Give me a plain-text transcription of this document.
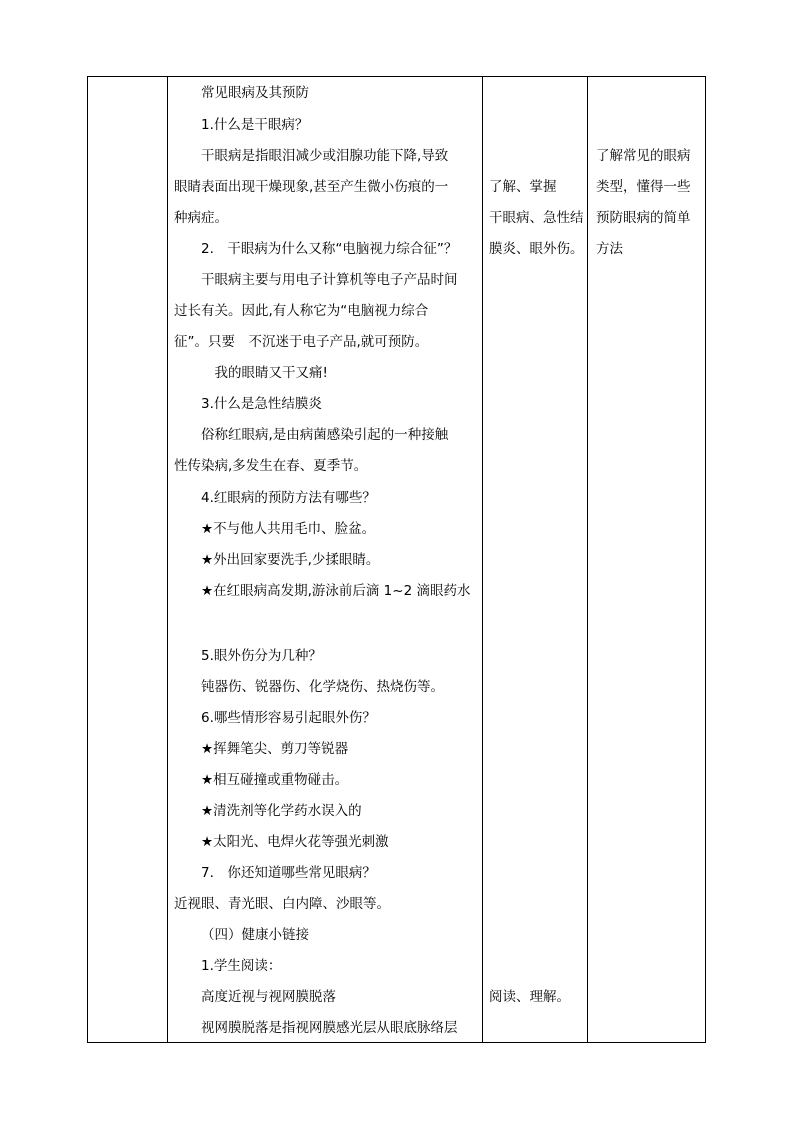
常见眼病及其预防
1.什么是干眼病？
干眼病是指眼泪减少或泪腺功能下降,导致
眼睛表面出现干燥现象,甚至产生微小伤痕的一
种病症。
2.　干眼病为什么又称“电脑视力综合征”？
干眼病主要与用电子计算机等电子产品时间
过长有关。因此,有人称它为“电脑视力综合
征”。只要　不沉迷于电子产品,就可预防。
　我的眼睛又干又痛!
3.什么是急性结膜炎
俗称红眼病,是由病菌感染引起的一种接触
性传染病,多发生在春、夏季节。
4.红眼病的预防方法有哪些？
★不与他人共用毛巾、脸盆。
★外出回家要洗手,少揉眼睛。
★在红眼病高发期,游泳前后滴 1~2 滴眼药水
5.眼外伤分为几种？
钝器伤、锐器伤、化学烧伤、热烧伤等。
6.哪些情形容易引起眼外伤？
★挥舞笔尖、剪刀等锐器
★相互碰撞或重物碰击。
★清洗剂等化学药水误入的
★太阳光、电焊火花等强光刺激
7.　你还知道哪些常见眼病？
近视眼、青光眼、白内障、沙眼等。
（四）健康小链接
1.学生阅读：
高度近视与视网膜脱落
视网膜脱落是指视网膜感光层从眼底脉络层
了解、掌握
干眼病、急性结
膜炎、眼外伤。
阅读、理解。
了解常见的眼病
类型，懂得一些
预防眼病的简单
方法
